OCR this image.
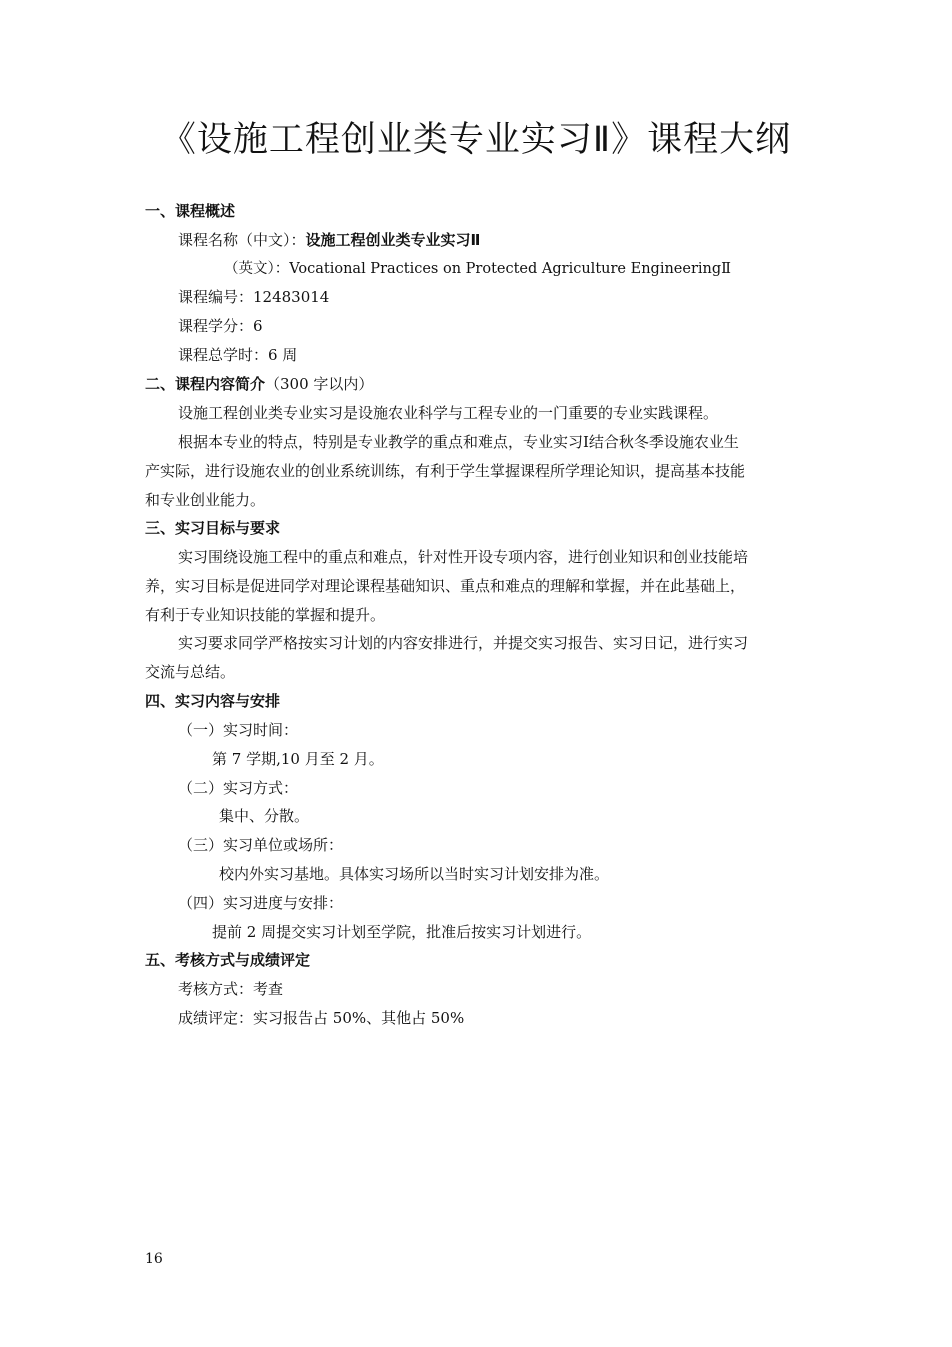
《设施工程创业类专业实习Ⅱ》课程大纲
一、课程概述
课程名称（中文）：设施工程创业类专业实习Ⅱ
（英文）：Vocational Practices on Protected Agriculture EngineeringⅡ
课程编号：12483014
课程学分：6
课程总学时：6 周
二、课程内容简介（300 字以内）
设施工程创业类专业实习是设施农业科学与工程专业的一门重要的专业实践课程。
根据本专业的特点，特别是专业教学的重点和难点，专业实习Ⅰ结合秋冬季设施农业生
产实际，进行设施农业的创业系统训练，有利于学生掌握课程所学理论知识，提高基本技能
和专业创业能力。
三、实习目标与要求
实习围绕设施工程中的重点和难点，针对性开设专项内容，进行创业知识和创业技能培
养，实习目标是促进同学对理论课程基础知识、重点和难点的理解和掌握，并在此基础上，
有利于专业知识技能的掌握和提升。
实习要求同学严格按实习计划的内容安排进行，并提交实习报告、实习日记，进行实习
交流与总结。
四、实习内容与安排
（一）实习时间：
第 7 学期,10 月至 2 月。
（二）实习方式：
集中、分散。
（三）实习单位或场所：
校内外实习基地。具体实习场所以当时实习计划安排为准。
（四）实习进度与安排：
提前 2 周提交实习计划至学院，批准后按实习计划进行。
五、考核方式与成绩评定
考核方式：考查
成绩评定：实习报告占 50%、其他占 50%
16
